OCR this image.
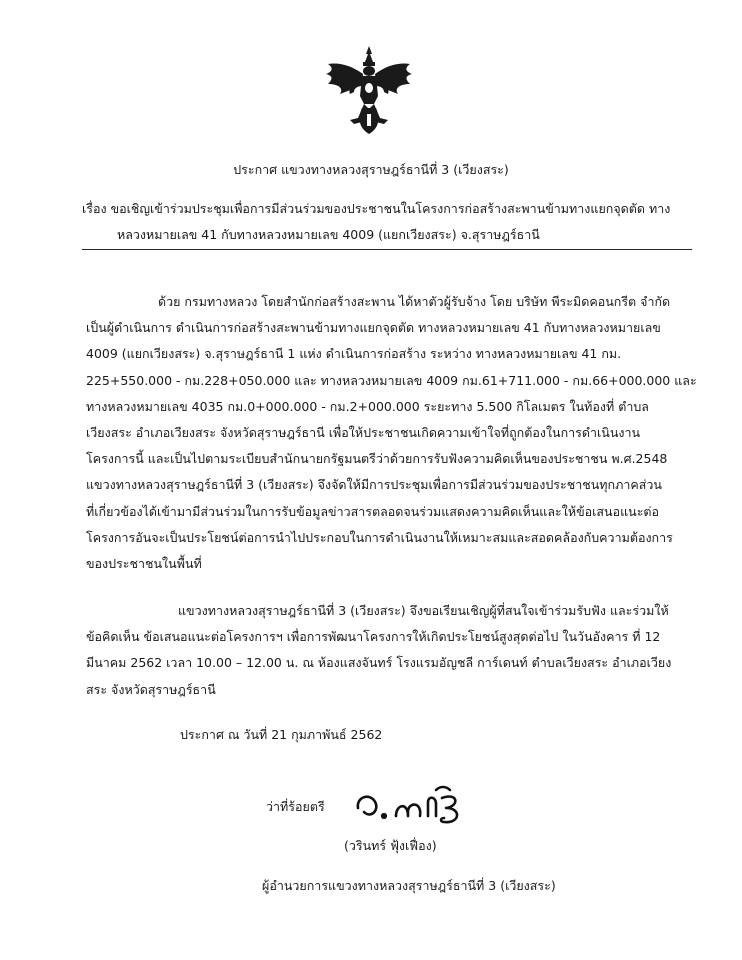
ประกาศ แขวงทางหลวงสุราษฎร์ธานีที่ 3 (เวียงสระ)
เรื่อง ขอเชิญเข้าร่วมประชุมเพื่อการมีส่วนร่วมของประชาชนในโครงการก่อสร้างสะพานข้ามทางแยกจุดตัด ทาง
หลวงหมายเลข 41 กับทางหลวงหมายเลข 4009 (แยกเวียงสระ) จ.สุราษฎร์ธานี
ด้วย กรมทางหลวง โดยสำนักก่อสร้างสะพาน ได้หาตัวผู้รับจ้าง โดย บริษัท พีระมิดคอนกรีต จำกัด
เป็นผู้ดำเนินการ ดำเนินการก่อสร้างสะพานข้ามทางแยกจุดตัด ทางหลวงหมายเลข 41 กับทางหลวงหมายเลข
4009 (แยกเวียงสระ) จ.สุราษฎร์ธานี 1 แห่ง ดำเนินการก่อสร้าง ระหว่าง ทางหลวงหมายเลข 41 กม.
225+550.000 - กม.228+050.000 และ ทางหลวงหมายเลข 4009 กม.61+711.000 - กม.66+000.000 และ
ทางหลวงหมายเลข 4035 กม.0+000.000 - กม.2+000.000 ระยะทาง 5.500 กิโลเมตร ในท้องที่ ตำบล
เวียงสระ อำเภอเวียงสระ จังหวัดสุราษฎร์ธานี เพื่อให้ประชาชนเกิดความเข้าใจที่ถูกต้องในการดำเนินงาน
โครงการนี้ และเป็นไปตามระเบียบสำนักนายกรัฐมนตรีว่าด้วยการรับฟังความคิดเห็นของประชาชน พ.ศ.2548
แขวงทางหลวงสุราษฎร์ธานีที่ 3 (เวียงสระ) จึงจัดให้มีการประชุมเพื่อการมีส่วนร่วมของประชาชนทุกภาคส่วน
ที่เกี่ยวข้องได้เข้ามามีส่วนร่วมในการรับข้อมูลข่าวสารตลอดจนร่วมแสดงความคิดเห็นและให้ข้อเสนอแนะต่อ
โครงการอันจะเป็นประโยชน์ต่อการนำไปประกอบในการดำเนินงานให้เหมาะสมและสอดคล้องกับความต้องการ
ของประชาชนในพื้นที่
แขวงทางหลวงสุราษฎร์ธานีที่ 3 (เวียงสระ) จึงขอเรียนเชิญผู้ที่สนใจเข้าร่วมรับฟัง และร่วมให้
ข้อคิดเห็น ข้อเสนอแนะต่อโครงการฯ เพื่อการพัฒนาโครงการให้เกิดประโยชน์สูงสุดต่อไป ในวันอังคาร ที่ 12
มีนาคม 2562 เวลา 10.00 – 12.00 น. ณ ห้องแสงจันทร์ โรงแรมอัญชลี การ์เดนท์ ตำบลเวียงสระ อำเภอเวียง
สระ จังหวัดสุราษฎร์ธานี
ประกาศ ณ วันที่ 21 กุมภาพันธ์ 2562
ว่าที่ร้อยตรี
(วรินทร์ ฟุ้งเฟื่อง)
ผู้อำนวยการแขวงทางหลวงสุราษฎร์ธานีที่ 3 (เวียงสระ)
